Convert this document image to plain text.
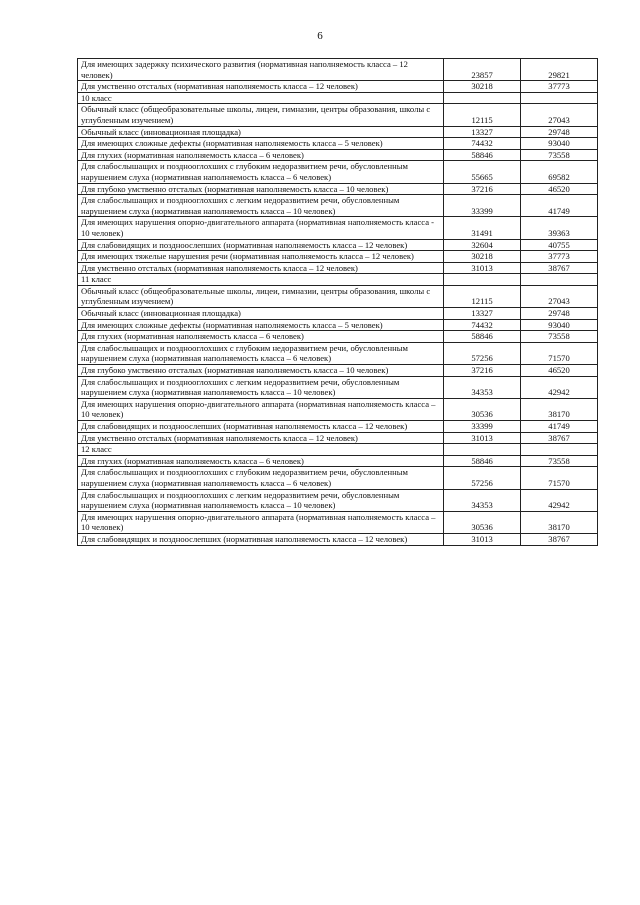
6
Для имеющих задержку психического развития (нормативная наполняемость класса – 12 человек)	23857	29821
Для умственно отсталых (нормативная наполняемость класса – 12 человек)	30218	37773
10 класс		
Обычный класс (общеобразовательные школы, лицеи, гимназии, центры образования, школы с углубленным изучением)	12115	27043
Обычный класс (инновационная площадка)	13327	29748
Для имеющих сложные дефекты (нормативная наполняемость класса – 5 человек)	74432	93040
Для глухих (нормативная наполняемость класса – 6 человек)	58846	73558
Для слабослышащих и позднооглохших с глубоким недоразвитием речи, обусловленным нарушением слуха (нормативная наполняемость класса – 6 человек)	55665	69582
Для глубоко умственно отсталых (нормативная наполняемость класса – 10 человек)	37216	46520
Для слабослышащих и позднооглохших с легким недоразвитием речи, обусловленным нарушением слуха (нормативная наполняемость класса – 10 человек)	33399	41749
Для имеющих нарушения опорно-двигательного аппарата (нормативная наполняемость класса - 10 человек)	31491	39363
Для слабовидящих и поздноослепших (нормативная наполняемость класса – 12 человек)	32604	40755
Для имеющих тяжелые нарушения речи (нормативная наполняемость класса – 12 человек)	30218	37773
Для умственно отсталых (нормативная наполняемость класса – 12 человек)	31013	38767
11 класс		
Обычный класс (общеобразовательные школы, лицеи, гимназии, центры образования, школы с углубленным изучением)	12115	27043
Обычный класс (инновационная площадка)	13327	29748
Для имеющих сложные дефекты (нормативная наполняемость класса – 5 человек)	74432	93040
Для глухих (нормативная наполняемость класса – 6 человек)	58846	73558
Для слабослышащих и позднооглохших с глубоким недоразвитием речи, обусловленным нарушением слуха (нормативная наполняемость класса – 6 человек)	57256	71570
Для глубоко умственно отсталых (нормативная наполняемость класса – 10 человек)	37216	46520
Для слабослышащих и позднооглохших с легким недоразвитием речи, обусловленным нарушением слуха (нормативная наполняемость класса – 10 человек)	34353	42942
Для имеющих нарушения опорно-двигательного аппарата (нормативная наполняемость класса – 10 человек)	30536	38170
Для слабовидящих и поздноослепших (нормативная наполняемость класса – 12 человек)	33399	41749
Для умственно отсталых (нормативная наполняемость класса – 12 человек)	31013	38767
12 класс		
Для глухих (нормативная наполняемость класса – 6 человек)	58846	73558
Для слабослышащих и позднооглохших с глубоким недоразвитием речи, обусловленным нарушением слуха (нормативная наполняемость класса – 6 человек)	57256	71570
Для слабослышащих и позднооглохших с легким недоразвитием речи, обусловленным нарушением слуха (нормативная наполняемость класса – 10 человек)	34353	42942
Для имеющих нарушения опорно-двигательного аппарата (нормативная наполняемость класса – 10 человек)	30536	38170
Для слабовидящих и поздноослепших (нормативная наполняемость класса – 12 человек)	31013	38767
